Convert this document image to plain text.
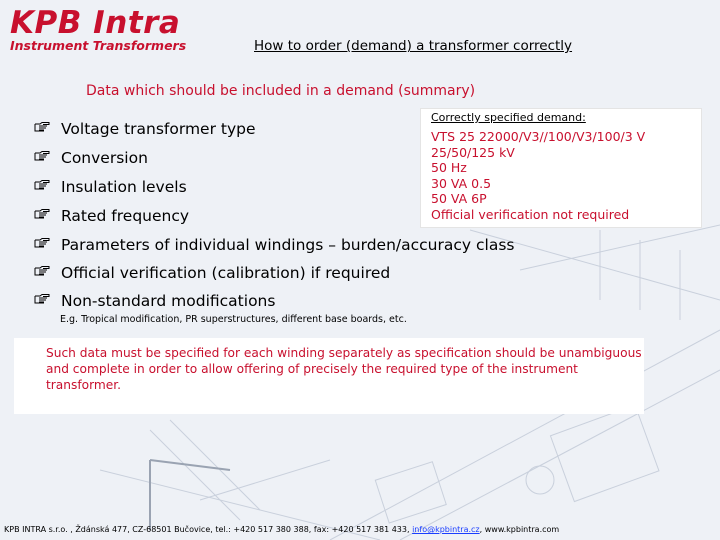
KPB Intra
Instrument Transformers	How to order (demand) a transformer correctly
Data which should be included in a demand (summary)
Voltage transformer type
Conversion
Insulation levels
Rated frequency
Parameters of individual windings – burden/accuracy class
Official verification (calibration) if required
Non-standard modifications
E.g. Tropical modification, PR superstructures, different base boards, etc.
Correctly specified demand:
VTS 25 22000/V3//100/V3/100/3 V
25/50/125 kV
50 Hz
30 VA 0.5
50 VA 6P
Official verification not required
Such data must be specified for each winding separately as specification should be unambiguous and complete in order to allow offering of precisely the required type of the instrument transformer.
KPB INTRA s.r.o. , Ždánská 477, CZ-68501 Bučovice, tel.: +420 517 380 388, fax: +420 517 381 433, info@kpbintra.cz, www.kpbintra.com
